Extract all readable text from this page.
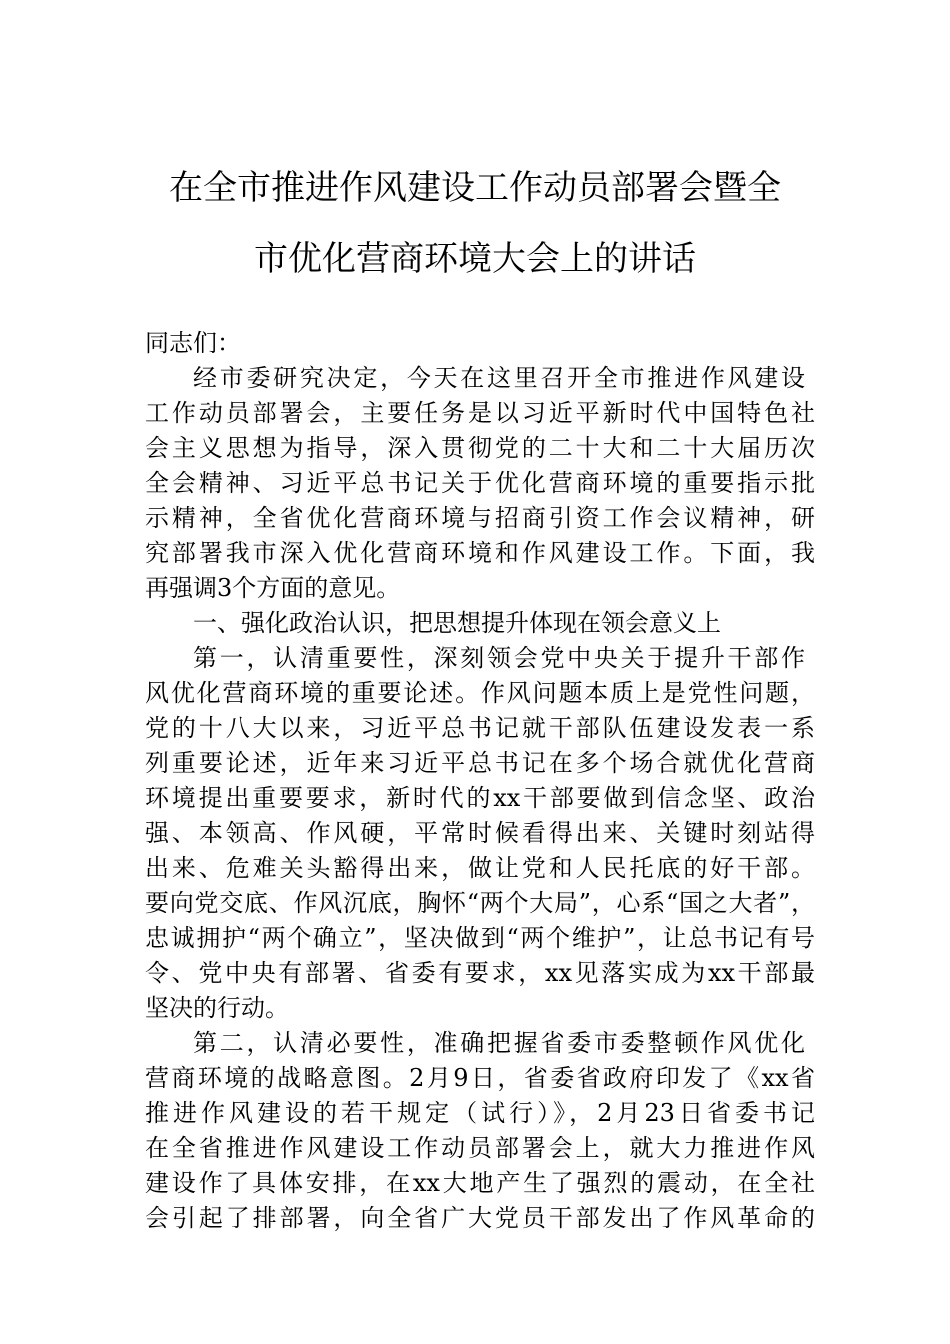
在全市推进作风建设工作动员部署会暨全
市优化营商环境大会上的讲话
同志们：
经市委研究决定，今天在这里召开全市推进作风建设
工作动员部署会，主要任务是以习近平新时代中国特色社
会主义思想为指导，深入贯彻党的二十大和二十大届历次
全会精神、习近平总书记关于优化营商环境的重要指示批
示精神，全省优化营商环境与招商引资工作会议精神，研
究部署我市深入优化营商环境和作风建设工作。下面，我
再强调3个方面的意见。
一、强化政治认识，把思想提升体现在领会意义上
第一，认清重要性，深刻领会党中央关于提升干部作
风优化营商环境的重要论述。作风问题本质上是党性问题，
党的十八大以来，习近平总书记就干部队伍建设发表一系
列重要论述，近年来习近平总书记在多个场合就优化营商
环境提出重要要求，新时代的xx干部要做到信念坚、政治
强、本领高、作风硬，平常时候看得出来、关键时刻站得
出来、危难关头豁得出来，做让党和人民托底的好干部。
要向党交底、作风沉底，胸怀“两个大局”，心系“国之大者”，
忠诚拥护“两个确立”，坚决做到“两个维护”，让总书记有号
令、党中央有部署、省委有要求，xx见落实成为xx干部最
坚决的行动。
第二，认清必要性，准确把握省委市委整顿作风优化
营商环境的战略意图。2月9日，省委省政府印发了《xx省
推进作风建设的若干规定（试行）》，2月23日省委书记
在全省推进作风建设工作动员部署会上，就大力推进作风
建设作了具体安排，在xx大地产生了强烈的震动，在全社
会引起了排部署，向全省广大党员干部发出了作风革命的
